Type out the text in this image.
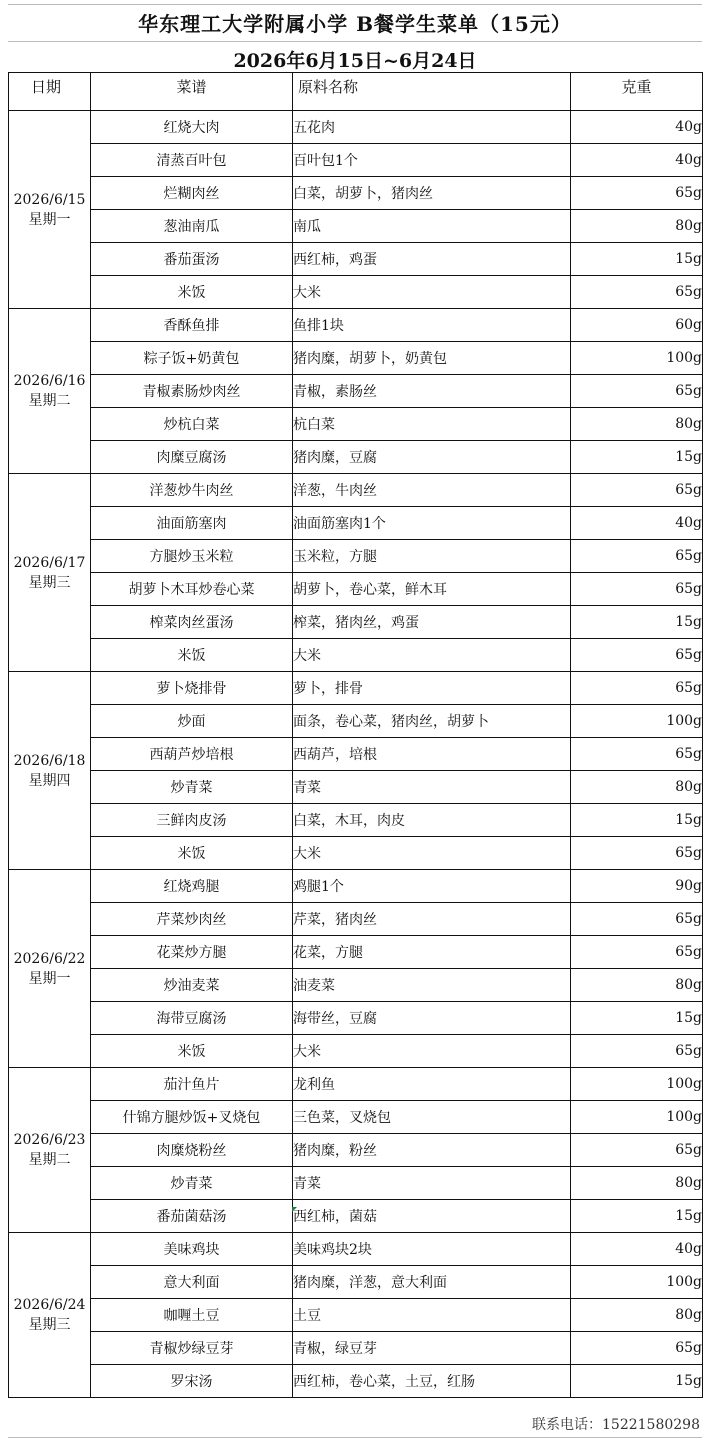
华东理工大学附属小学 B餐学生菜单（15元）
2026年6月15日~6月24日
日期	菜谱	原料名称	克重

2026/6/15
星期一	红烧大肉	五花肉	40g
	清蒸百叶包	百叶包1个	40g
	烂糊肉丝	白菜，胡萝卜，猪肉丝	65g
	葱油南瓜	南瓜	80g
	番茄蛋汤	西红柿，鸡蛋	15g
	米饭	大米	65g

2026/6/16
星期二	香酥鱼排	鱼排1块	60g
	粽子饭+奶黄包	猪肉糜，胡萝卜，奶黄包	100g
	青椒素肠炒肉丝	青椒，素肠丝	65g
	炒杭白菜	杭白菜	80g
	肉糜豆腐汤	猪肉糜，豆腐	15g

2026/6/17
星期三	洋葱炒牛肉丝	洋葱，牛肉丝	65g
	油面筋塞肉	油面筋塞肉1个	40g
	方腿炒玉米粒	玉米粒，方腿	65g
	胡萝卜木耳炒卷心菜	胡萝卜，卷心菜，鲜木耳	65g
	榨菜肉丝蛋汤	榨菜，猪肉丝，鸡蛋	15g
	米饭	大米	65g

2026/6/18
星期四	萝卜烧排骨	萝卜，排骨	65g
	炒面	面条，卷心菜，猪肉丝，胡萝卜	100g
	西葫芦炒培根	西葫芦，培根	65g
	炒青菜	青菜	80g
	三鲜肉皮汤	白菜，木耳，肉皮	15g
	米饭	大米	65g

2026/6/22
星期一	红烧鸡腿	鸡腿1个	90g
	芹菜炒肉丝	芹菜，猪肉丝	65g
	花菜炒方腿	花菜，方腿	65g
	炒油麦菜	油麦菜	80g
	海带豆腐汤	海带丝，豆腐	15g
	米饭	大米	65g

2026/6/23
星期二	茄汁鱼片	龙利鱼	100g
	什锦方腿炒饭+叉烧包	三色菜，叉烧包	100g
	肉糜烧粉丝	猪肉糜，粉丝	65g
	炒青菜	青菜	80g
	番茄菌菇汤	西红柿，菌菇	15g

2026/6/24
星期三	美味鸡块	美味鸡块2块	40g
	意大利面	猪肉糜，洋葱，意大利面	100g
	咖喱土豆	土豆	80g
	青椒炒绿豆芽	青椒，绿豆芽	65g
	罗宋汤	西红柿，卷心菜，土豆，红肠	15g
联系电话：15221580298
